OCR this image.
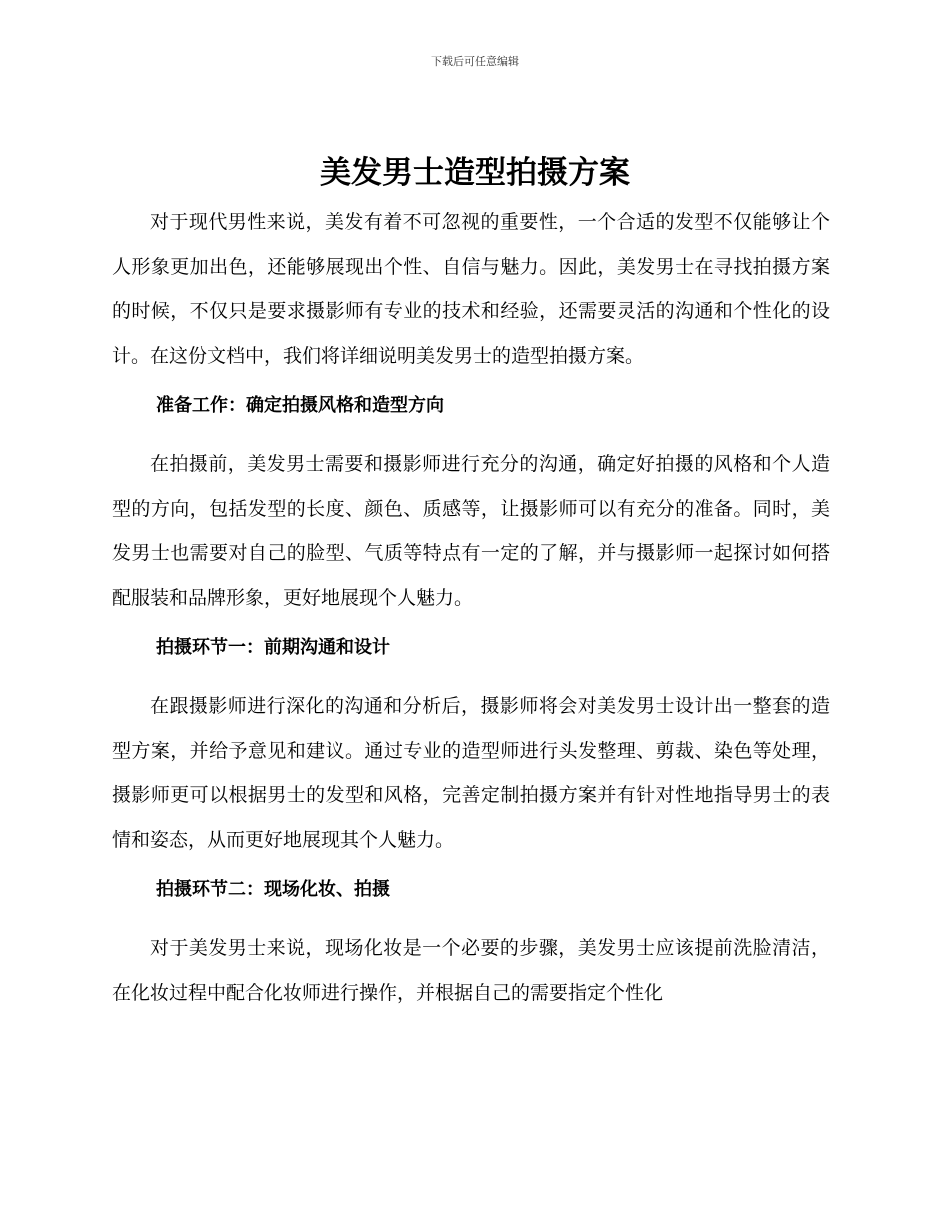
下载后可任意编辑
美发男士造型拍摄方案

对于现代男性来说，美发有着不可忽视的重要性，一个合适的发型不仅能够让个人形象更加出色，还能够展现出个性、自信与魅力。因此，美发男士在寻找拍摄方案的时候，不仅只是要求摄影师有专业的技术和经验，还需要灵活的沟通和个性化的设计。在这份文档中，我们将详细说明美发男士的造型拍摄方案。

准备工作：确定拍摄风格和造型方向

在拍摄前，美发男士需要和摄影师进行充分的沟通，确定好拍摄的风格和个人造型的方向，包括发型的长度、颜色、质感等，让摄影师可以有充分的准备。同时，美发男士也需要对自己的脸型、气质等特点有一定的了解，并与摄影师一起探讨如何搭配服装和品牌形象，更好地展现个人魅力。

拍摄环节一：前期沟通和设计

在跟摄影师进行深化的沟通和分析后，摄影师将会对美发男士设计出一整套的造型方案，并给予意见和建议。通过专业的造型师进行头发整理、剪裁、染色等处理，摄影师更可以根据男士的发型和风格，完善定制拍摄方案并有针对性地指导男士的表情和姿态，从而更好地展现其个人魅力。

拍摄环节二：现场化妆、拍摄

对于美发男士来说，现场化妆是一个必要的步骤，美发男士应该提前洗脸清洁，在化妆过程中配合化妆师进行操作，并根据自己的需要指定个性化
